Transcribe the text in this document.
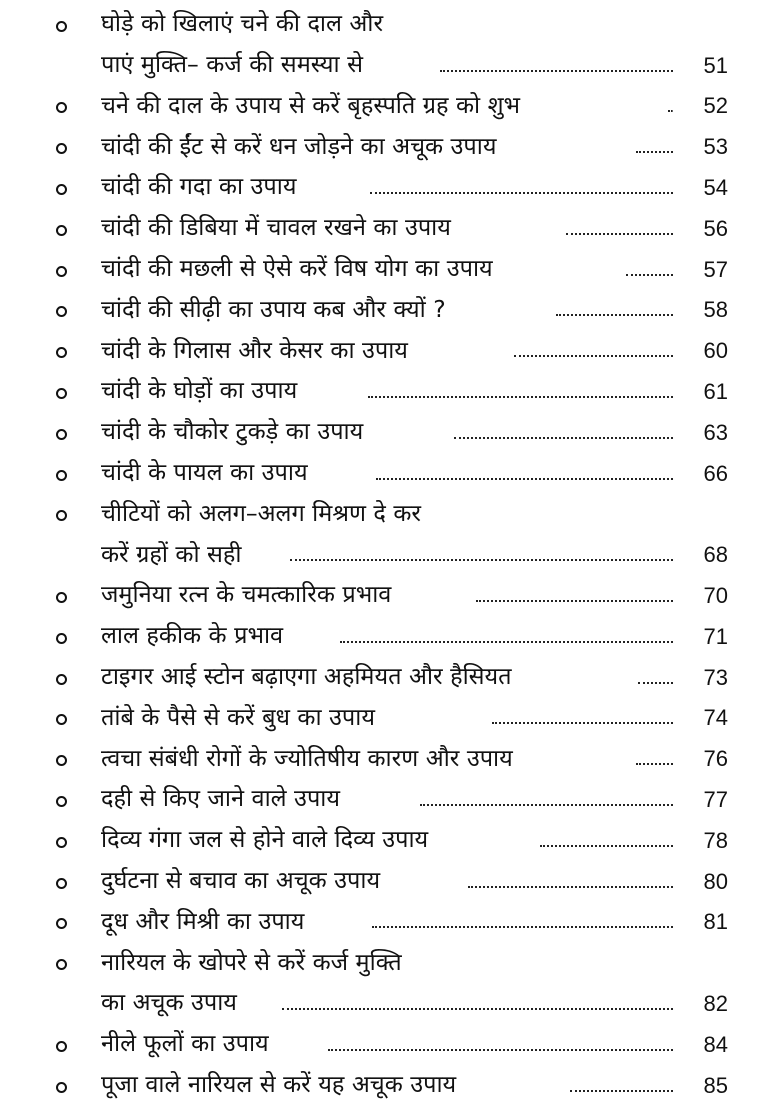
घोड़े को खिलाएं चने की दाल और
पाएं मुक्ति– कर्ज की समस्या से	51
चने की दाल के उपाय से करें बृहस्पति ग्रह को शुभ	52
चांदी की ईंट से करें धन जोड़ने का अचूक उपाय	53
चांदी की गदा का उपाय	54
चांदी की डिबिया में चावल रखने का उपाय	56
चांदी की मछली से ऐसे करें विष योग का उपाय	57
चांदी की सीढ़ी का उपाय कब और क्यों ?	58
चांदी के गिलास और केसर का उपाय	60
चांदी के घोड़ों का उपाय	61
चांदी के चौकोर टुकड़े का उपाय	63
चांदी के पायल का उपाय	66
चीटियों को अलग–अलग मिश्रण दे कर
करें ग्रहों को सही	68
जमुनिया रत्न के चमत्कारिक प्रभाव	70
लाल हकीक के प्रभाव	71
टाइगर आई स्टोन बढ़ाएगा अहमियत और हैसियत	73
तांबे के पैसे से करें बुध का उपाय	74
त्वचा संबंधी रोगों के ज्योतिषीय कारण और उपाय	76
दही से किए जाने वाले उपाय	77
दिव्य गंगा जल से होने वाले दिव्य उपाय	78
दुर्घटना से बचाव का अचूक उपाय	80
दूध और मिश्री का उपाय	81
नारियल के खोपरे से करें कर्ज मुक्ति
का अचूक उपाय	82
नीले फूलों का उपाय	84
पूजा वाले नारियल से करें यह अचूक उपाय	85
